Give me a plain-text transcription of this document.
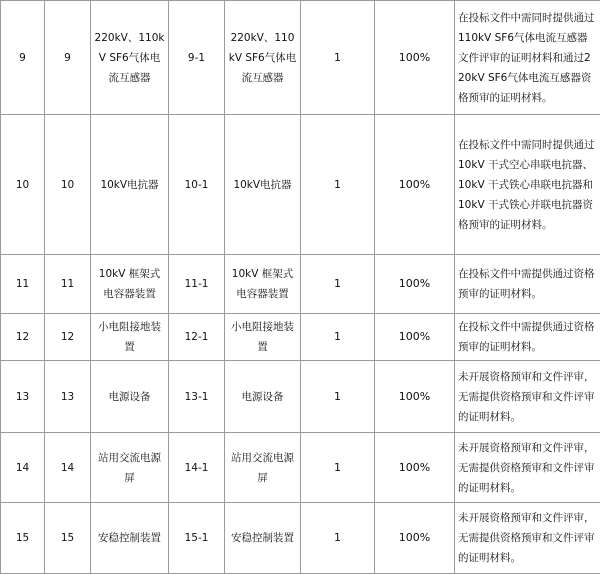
9	9	220kV、110kV SF6气体电流互感器	9-1	220kV、110kV SF6气体电流互感器	1	100%	在投标文件中需同时提供通过110kV SF6气体电流互感器文件评审的证明材料和通过220kV SF6气体电流互感器资格预审的证明材料。
10	10	10kV电抗器	10-1	10kV电抗器	1	100%	在投标文件中需同时提供通过10kV 干式空心串联电抗器、10kV 干式铁心串联电抗器和10kV 干式铁心并联电抗器资格预审的证明材料。
11	11	10kV 框架式电容器装置	11-1	10kV 框架式电容器装置	1	100%	在投标文件中需提供通过资格预审的证明材料。
12	12	小电阻接地装置	12-1	小电阻接地装置	1	100%	在投标文件中需提供通过资格预审的证明材料。
13	13	电源设备	13-1	电源设备	1	100%	未开展资格预审和文件评审，无需提供资格预审和文件评审的证明材料。
14	14	站用交流电源屏	14-1	站用交流电源屏	1	100%	未开展资格预审和文件评审，无需提供资格预审和文件评审的证明材料。
15	15	安稳控制装置	15-1	安稳控制装置	1	100%	未开展资格预审和文件评审，无需提供资格预审和文件评审的证明材料。
